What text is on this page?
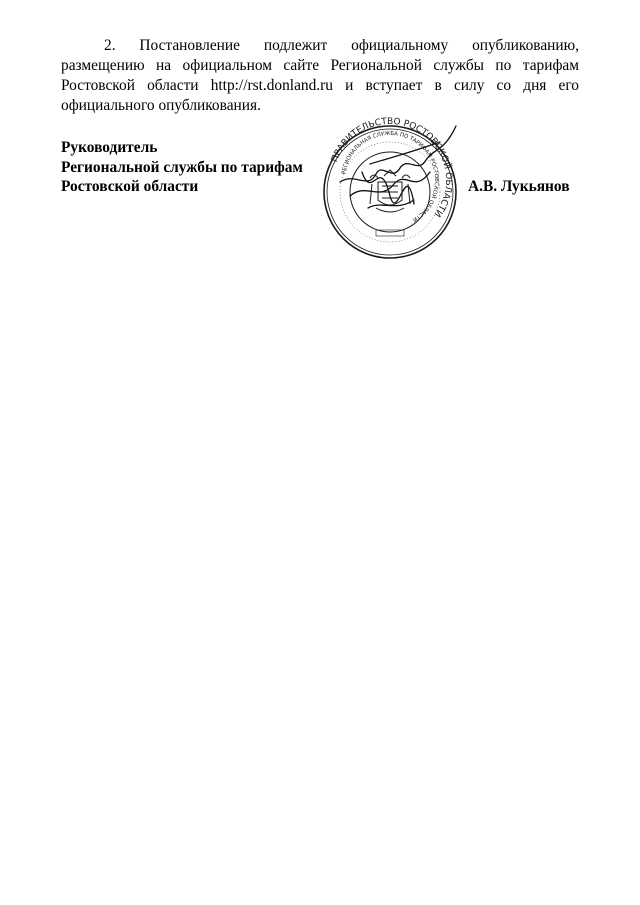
2. Постановление подлежит официальному опубликованию, размещению на официальном сайте Региональной службы по тарифам Ростовской области http://rst.donland.ru и вступает в силу со дня его официального опубликования.

Руководитель
Региональной службы по тарифам
Ростовской области	А.В. Лукьянов
ПРАВИТЕЛЬСТВО РОСТОВСКОЙ ОБЛАСТИ
РЕГИОНАЛЬНАЯ СЛУЖБА ПО ТАРИФАМ РОСТОВСКОЙ ОБЛАСТИ
